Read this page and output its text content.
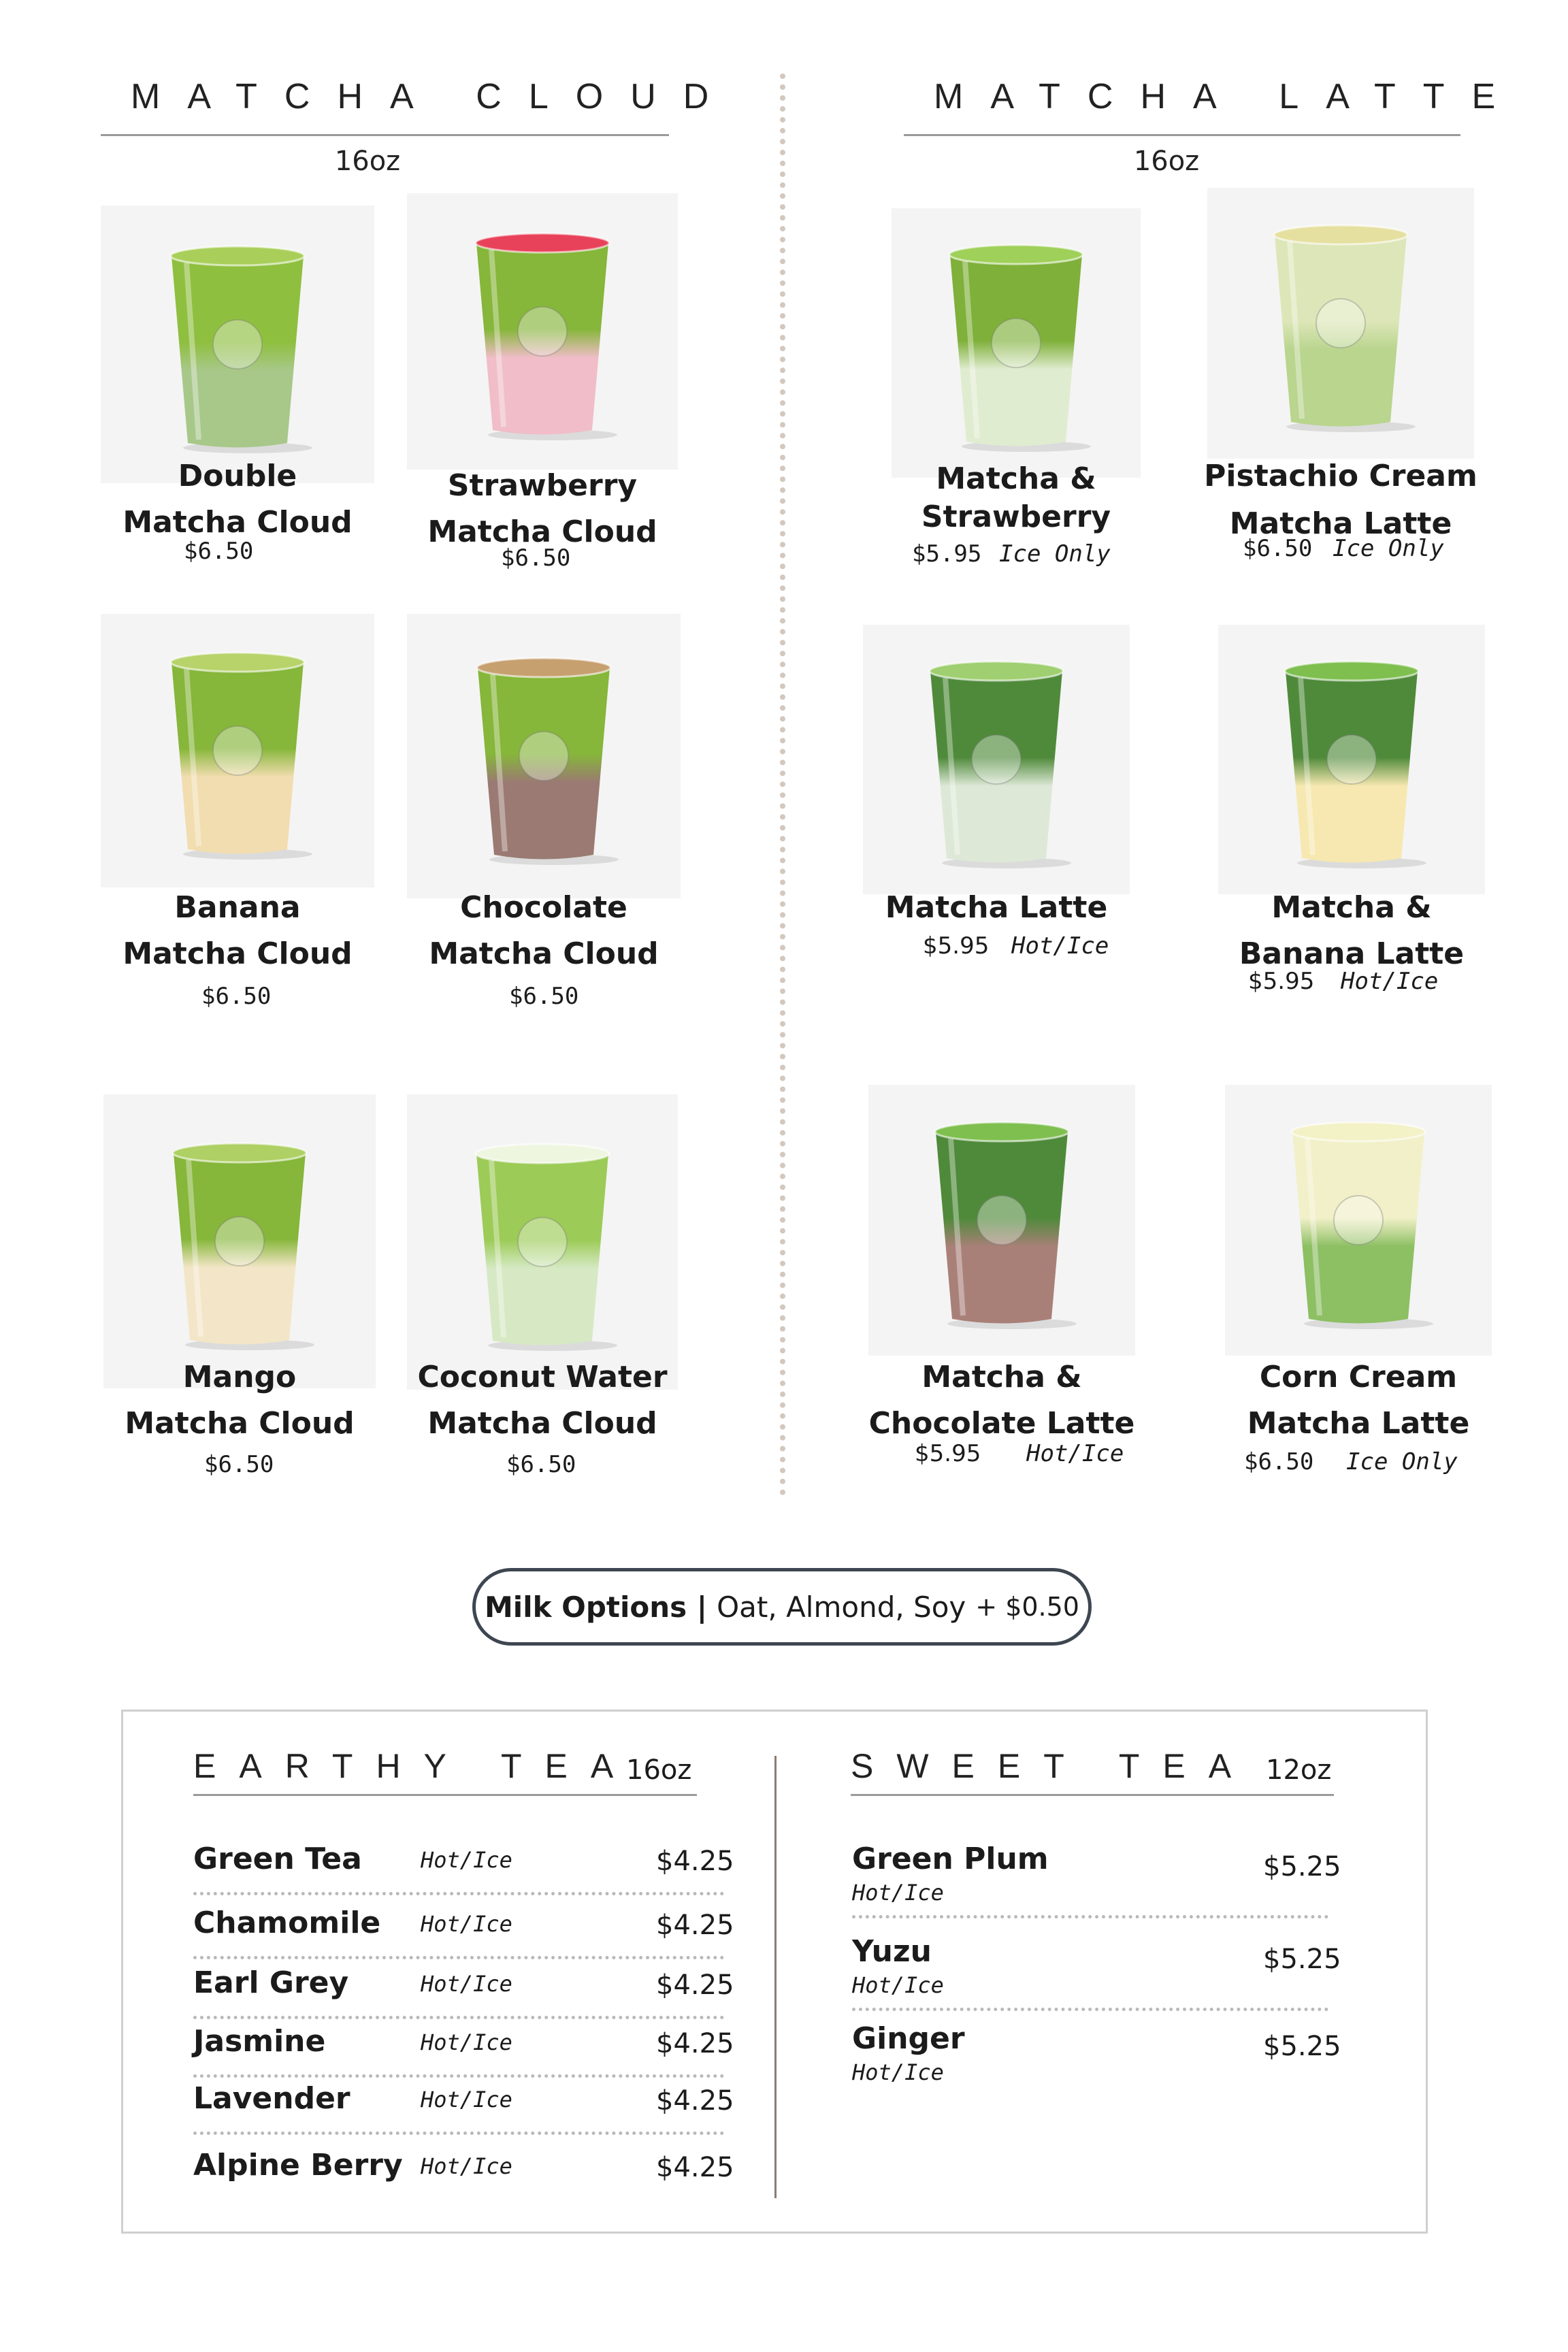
MATCHA CLOUD
16oz
MATCHA LATTE
16oz
Double
Matcha Cloud
$6.50
Strawberry
Matcha Cloud
$6.50
Banana
Matcha Cloud
$6.50
Chocolate
Matcha Cloud
$6.50
Mango
Matcha Cloud
$6.50
Coconut Water
Matcha Cloud
$6.50
Matcha &
Strawberry
$5.95 Ice Only
Pistachio Cream
Matcha Latte
$6.50 Ice Only
Matcha Latte
$5.95 Hot/Ice
Matcha &
Banana Latte
$5.95 Hot/Ice
Matcha &
Chocolate Latte
$5.95 Hot/Ice
Corn Cream
Matcha Latte
$6.50 Ice Only
Milk Options | Oat, Almond, Soy + $0.50
EARTHY TEA
16oz	SWEET TEA 12oz
Green Tea	Hot/Ice	$4.25
Chamomile Hot/Ice	$4.25
Earl Grey	Hot/Ice	$4.25
Jasmine	Hot/Ice	$4.25
Lavender	Hot/Ice	$4.25
Alpine Berry Hot/Ice	$4.25
Green Plum
Hot/Ice
$5.25
Yuzu
Hot/Ice
$5.25
Ginger
Hot/Ice
$5.25
